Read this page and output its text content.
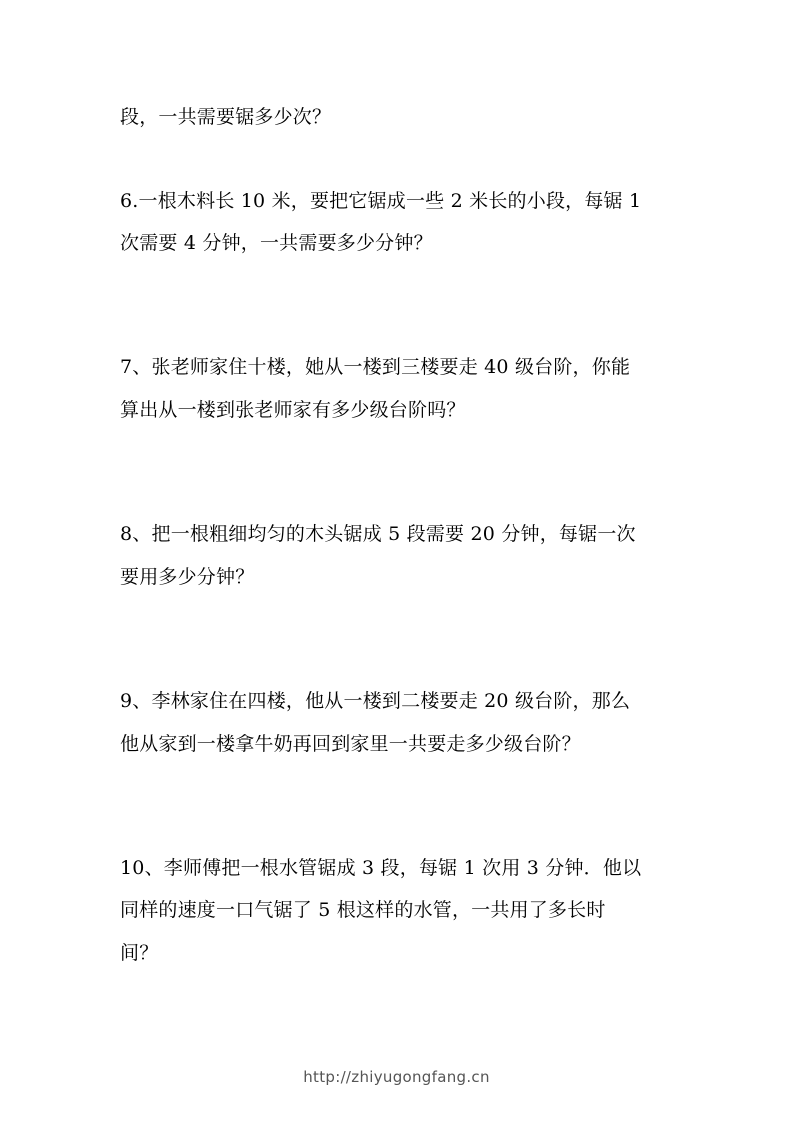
段，一共需要锯多少次？
6.一根木料长 10 米，要把它锯成一些 2 米长的小段，每锯 1
次需要 4 分钟，一共需要多少分钟？
7、张老师家住十楼，她从一楼到三楼要走 40 级台阶，你能
算出从一楼到张老师家有多少级台阶吗？
8、把一根粗细均匀的木头锯成 5 段需要 20 分钟，每锯一次
要用多少分钟？
9、李林家住在四楼，他从一楼到二楼要走 20 级台阶，那么
他从家到一楼拿牛奶再回到家里一共要走多少级台阶？
10、李师傅把一根水管锯成 3 段，每锯 1 次用 3 分钟．他以
同样的速度一口气锯了 5 根这样的水管，一共用了多长时
间？
http://zhiyugongfang.cn
